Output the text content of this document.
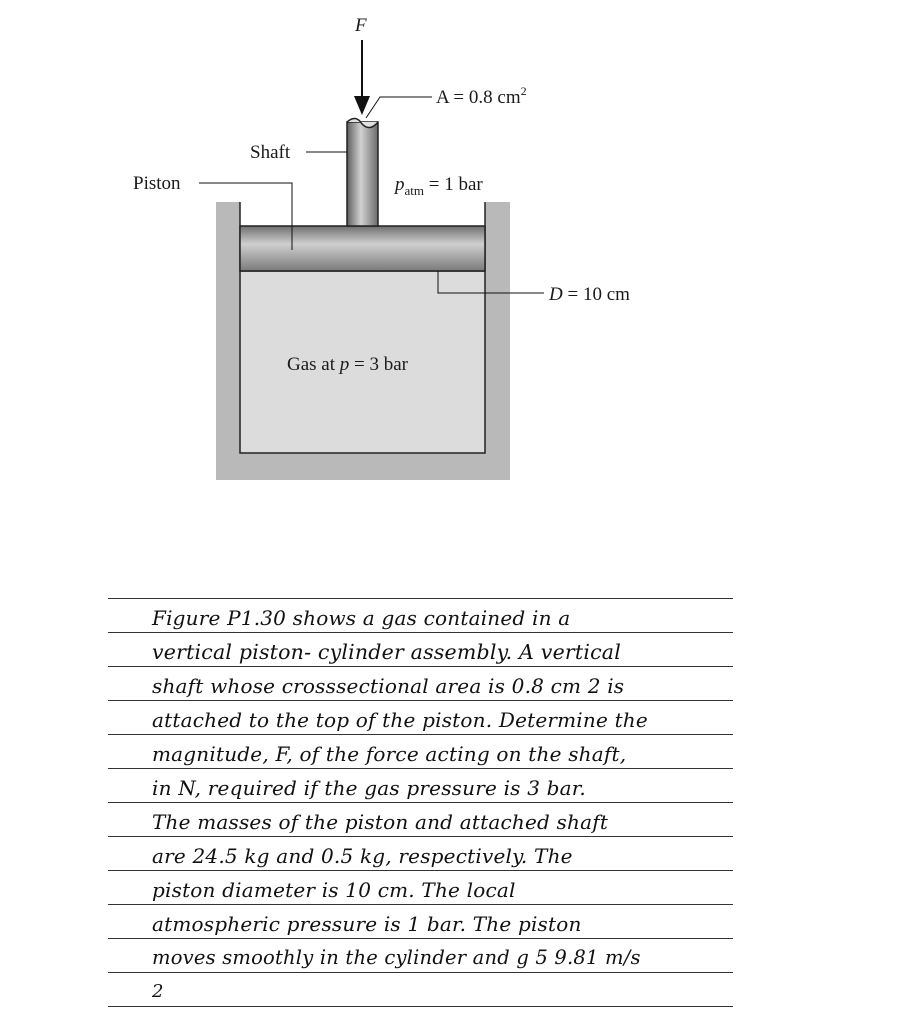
F
A = 0.8 $cm^2$
Shaft
Piston	$p_{atm} = 1$ bar
D = 10 cm
Gas at p = 3 bar
Figure P1.30 shows a gas contained in a
vertical piston- cylinder assembly. A vertical
shaft whose crosssectional area is 0.8 cm 2 is
attached to the top of the piston. Determine the
magnitude, F, of the force acting on the shaft,
in N, required if the gas pressure is 3 bar.
The masses of the piston and attached shaft
are 24.5 kg and 0.5 kg, respectively. The
piston diameter is 10 cm. The local
atmospheric pressure is 1 bar. The piston
moves smoothly in the cylinder and g 5 9.81 m/s
2
